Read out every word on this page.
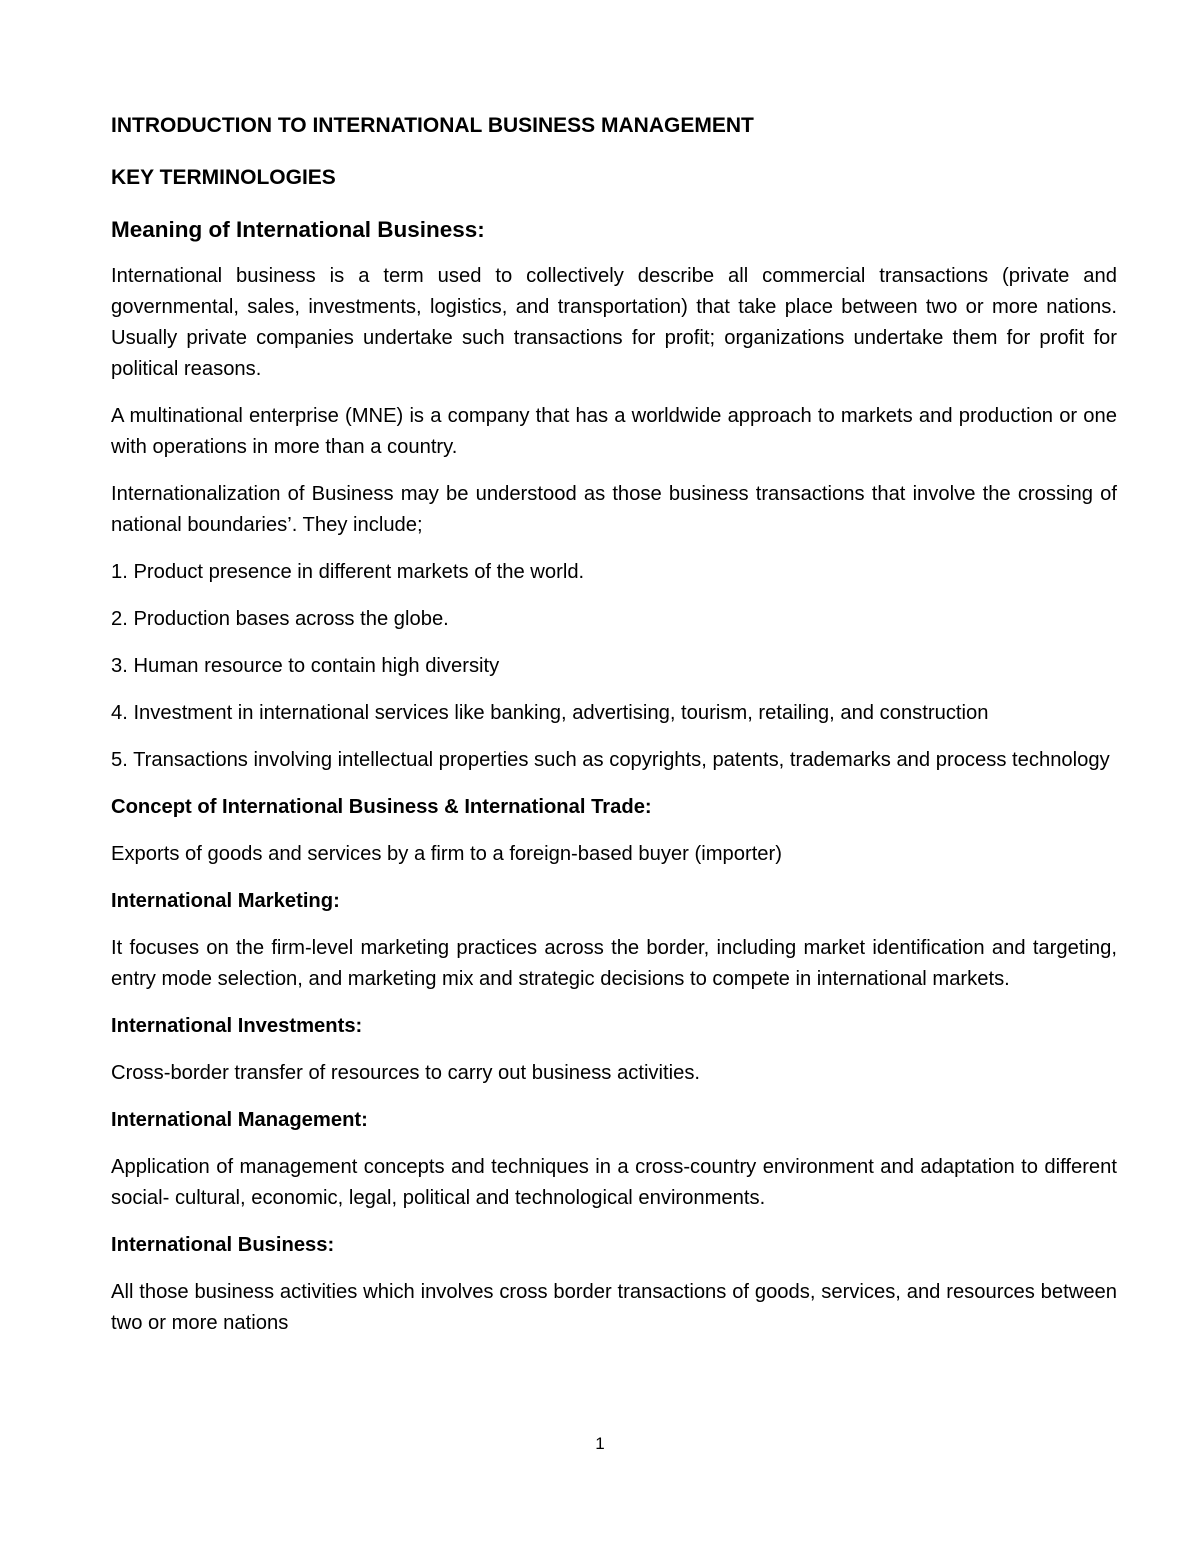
INTRODUCTION TO INTERNATIONAL BUSINESS MANAGEMENT
KEY TERMINOLOGIES
Meaning of International Business:

International business is a term used to collectively describe all commercial transactions (private and governmental, sales, investments, logistics, and transportation) that take place between two or more nations. Usually private companies undertake such transactions for profit; organizations undertake them for profit for political reasons.

A multinational enterprise (MNE) is a company that has a worldwide approach to markets and production or one with operations in more than a country.

Internationalization of Business may be understood as those business transactions that involve the crossing of national boundaries’. They include;

1. Product presence in different markets of the world.

2. Production bases across the globe.

3. Human resource to contain high diversity

4. Investment in international services like banking, advertising, tourism, retailing, and construction

5. Transactions involving intellectual properties such as copyrights, patents, trademarks and process technology

Concept of International Business & International Trade:

Exports of goods and services by a firm to a foreign-based buyer (importer)

International Marketing:

It focuses on the firm-level marketing practices across the border, including market identification and targeting, entry mode selection, and marketing mix and strategic decisions to compete in international markets.

International Investments:

Cross-border transfer of resources to carry out business activities.

International Management:

Application of management concepts and techniques in a cross-country environment and adaptation to different social- cultural, economic, legal, political and technological environments.

International Business:

All those business activities which involves cross border transactions of goods, services, and resources between two or more nations

1
